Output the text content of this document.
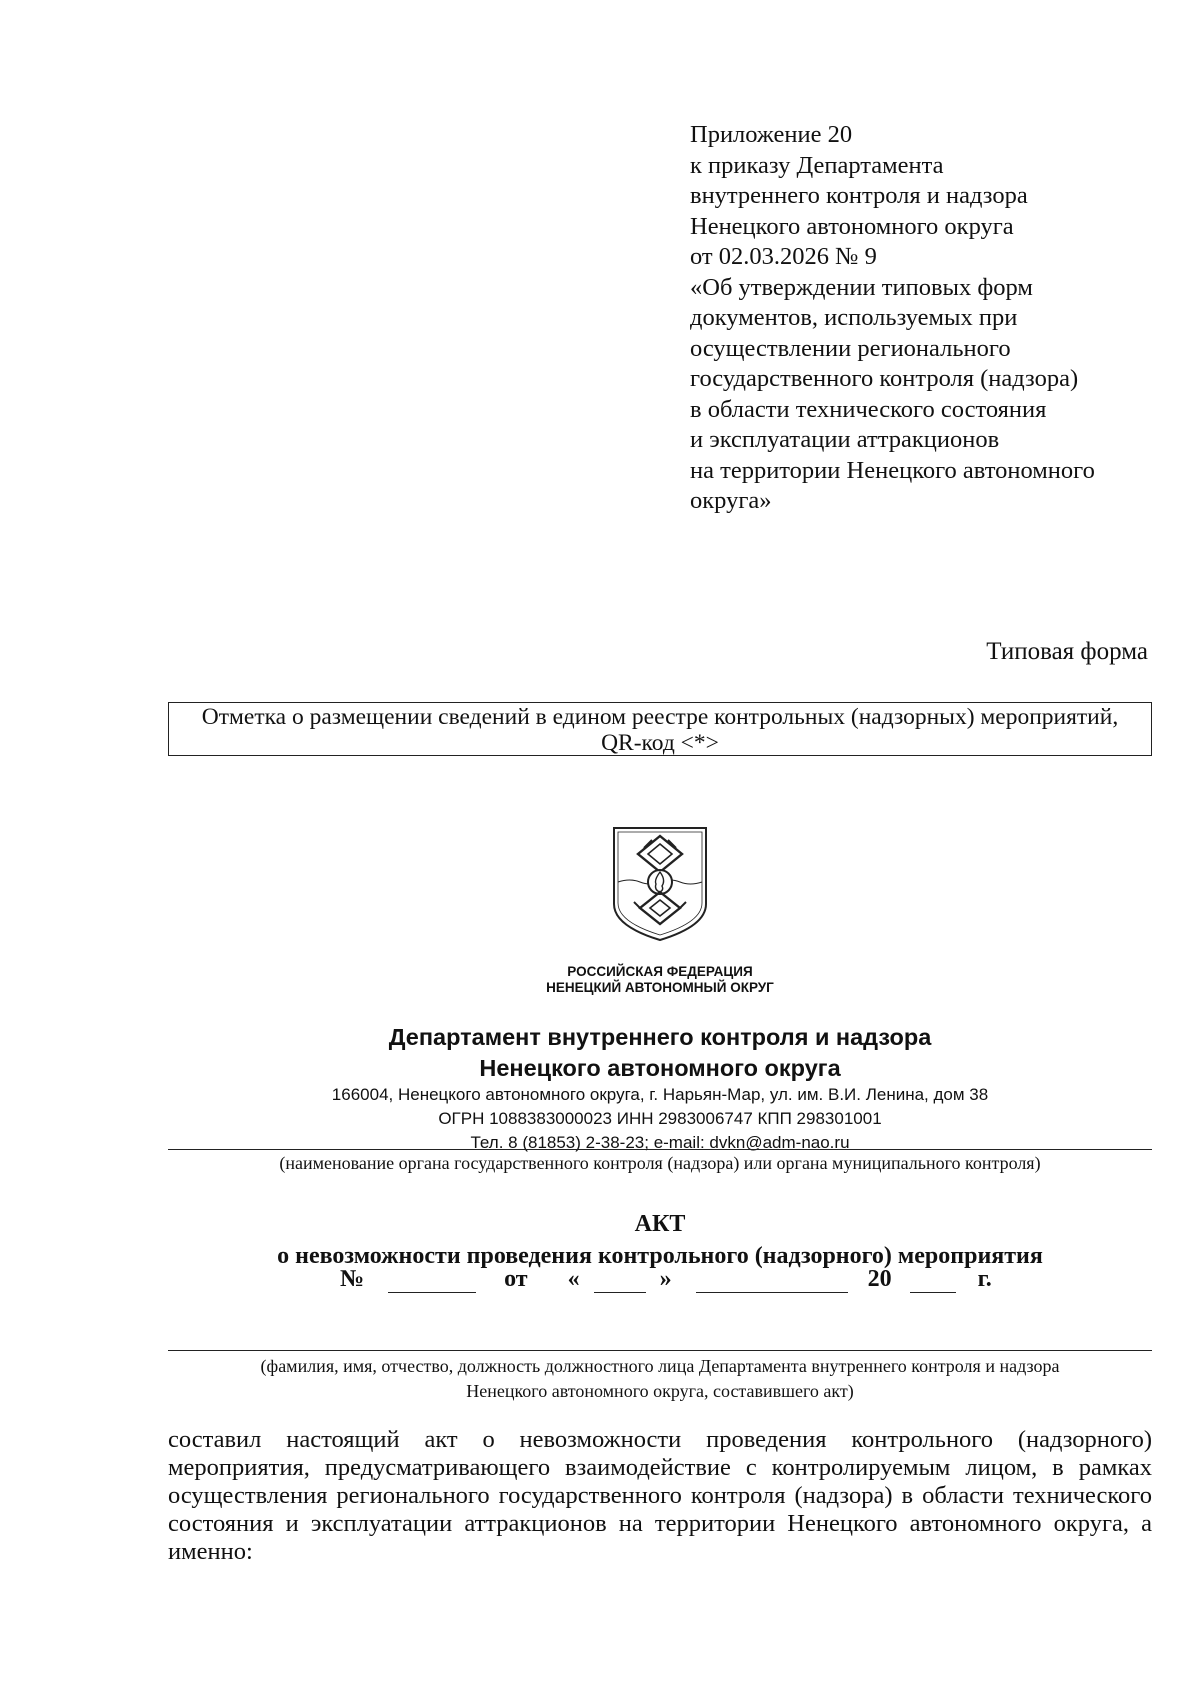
Приложение 20
к приказу Департамента
внутреннего контроля и надзора
Ненецкого автономного округа
от 02.03.2026 № 9
«Об утверждении типовых форм
документов, используемых при
осуществлении регионального
государственного контроля (надзора)
в области технического состояния
и эксплуатации аттракционов
на территории Ненецкого автономного
округа»
Типовая форма
Отметка о размещении сведений в едином реестре контрольных (надзорных) мероприятий,
QR-код <*>
РОССИЙСКАЯ ФЕДЕРАЦИЯ
НЕНЕЦКИЙ АВТОНОМНЫЙ ОКРУГ
Департамент внутреннего контроля и надзора
Ненецкого автономного округа
166004, Ненецкого автономного округа, г. Нарьян-Мар, ул. им. В.И. Ленина, дом 38
ОГРН 1088383000023 ИНН 2983006747 КПП 298301001
Тел. 8 (81853) 2-38-23; e-mail: dvkn@adm-nao.ru
(наименование органа государственного контроля (надзора) или органа муниципального контроля)
АКТ
о невозможности проведения контрольного (надзорного) мероприятия
№	от «	»	20	г.
(фамилия, имя, отчество, должность должностного лица Департамента внутреннего контроля и надзора
Ненецкого автономного округа, составившего акт)
составил настоящий акт о невозможности проведения контрольного (надзорного) мероприятия, предусматривающего взаимодействие с контролируемым лицом, в рамках осуществления регионального государственного контроля (надзора) в области технического состояния и эксплуатации аттракционов на территории Ненецкого автономного округа, а именно:
